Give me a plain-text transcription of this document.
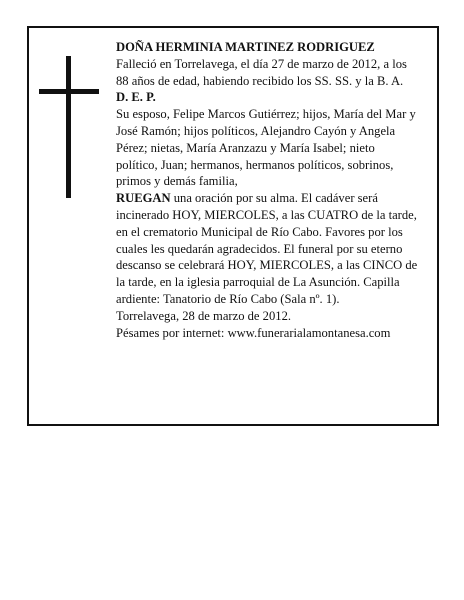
DOÑA HERMINIA MARTINEZ RODRIGUEZ

Falleció en Torrelavega, el día 27 de marzo de 2012, a los 88 años de edad, habiendo recibido los SS. SS. y la B. A.

D. E. P.

Su esposo, Felipe Marcos Gutiérrez; hijos, María del Mar y José Ramón; hijos políticos, Alejandro Cayón y Angela Pérez; nietas, María Aranzazu y María Isabel; nieto político, Juan; hermanos, hermanos políticos, sobrinos, primos y demás familia,

RUEGAN una oración por su alma. El cadáver será incinerado HOY, MIERCOLES, a las CUATRO de la tarde, en el crematorio Municipal de Río Cabo. Favores por los cuales les quedarán agradecidos. El funeral por su eterno descanso se celebrará HOY, MIERCOLES, a las CINCO de la tarde, en la iglesia parroquial de La Asunción. Capilla ardiente: Tanatorio de Río Cabo (Sala nº. 1).

Torrelavega, 28 de marzo de 2012.

Pésames por internet: www.funerarialamontanesa.com
